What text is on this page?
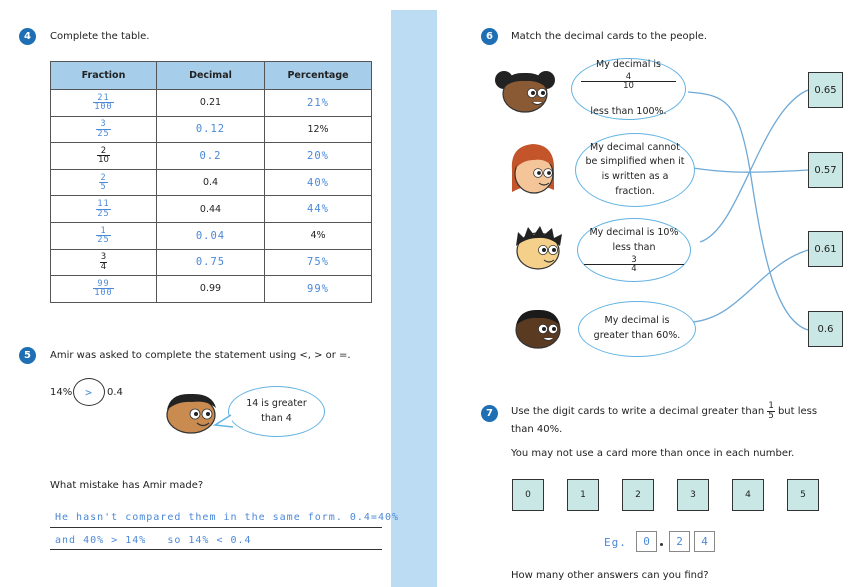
4	Complete the table.
Fraction	Decimal	Percentage

$\frac{21}{100}$	0.21	21%

$\frac{3}{25}$	0.12	12%

$\frac{2}{10}$	0.2	20%

$\frac{2}{5}$	0.4	40%

$\frac{11}{25}$	0.44	44%

$\frac{1}{25}$	0.04	4%

$\frac{3}{4}$	0.75	75%

$\frac{99}{100}$	0.99	99%
5	Amir was asked to complete the statement using <, > or =.
14% > 0.4
14 is greater than 4
What mistake has Amir made?
He hasn't compared them in the same form. 0.4=40%
and 40% > 14%   so 14% < 0.4
6	Match the decimal cards to the people.
My decimal is
4
10

less than 100%.
My decimal cannot be simplified when it is written as a fraction.
My decimal is 10% less than
3
4
My decimal is greater than 60%.
0.65
0.57
0.61
0.6
7	Use the digit cards to write a decimal greater than $\frac{1}{5}$ but less than 40%.
You may not use a card more than once in each number.
0	1	2	3	4	5
Eg.	0	2	4
How many other answers can you find?
